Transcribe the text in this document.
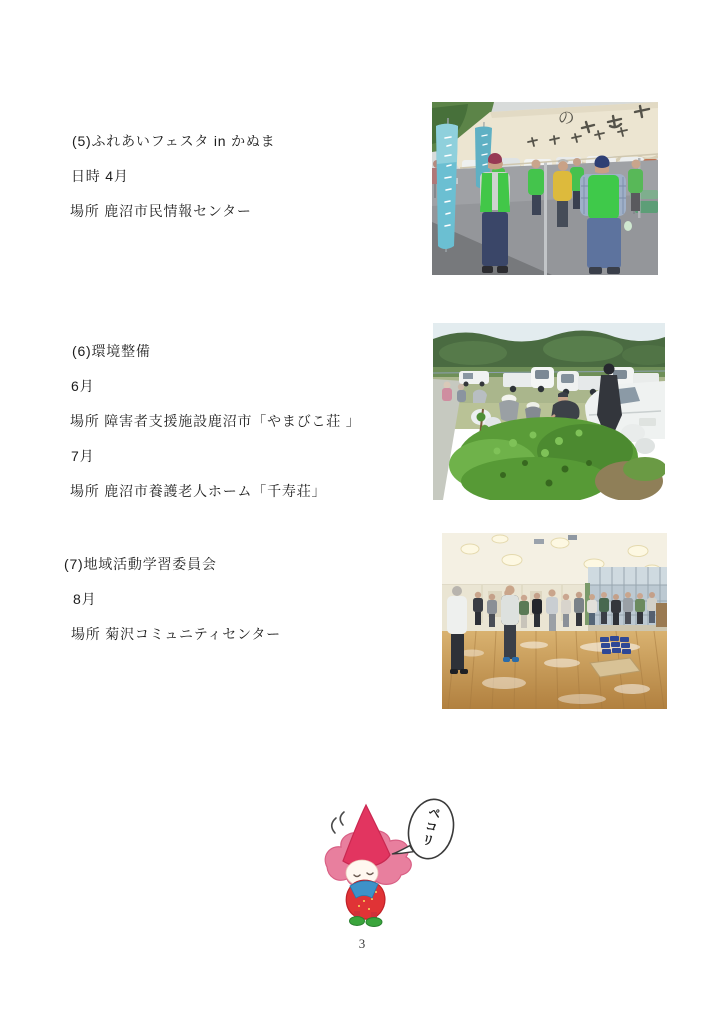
(5)ふれあいフェスタ in かぬま
日時 4月
場所 鹿沼市民情報センター
(6)環境整備
6月
場所 障害者支援施設鹿沼市「やまびこ荘 」
7月
場所 鹿沼市養護老人ホーム「千寿荘」
(7)地域活動学習委員会
8月
場所 菊沢コミュニティセンター
の
ペコリ
3
